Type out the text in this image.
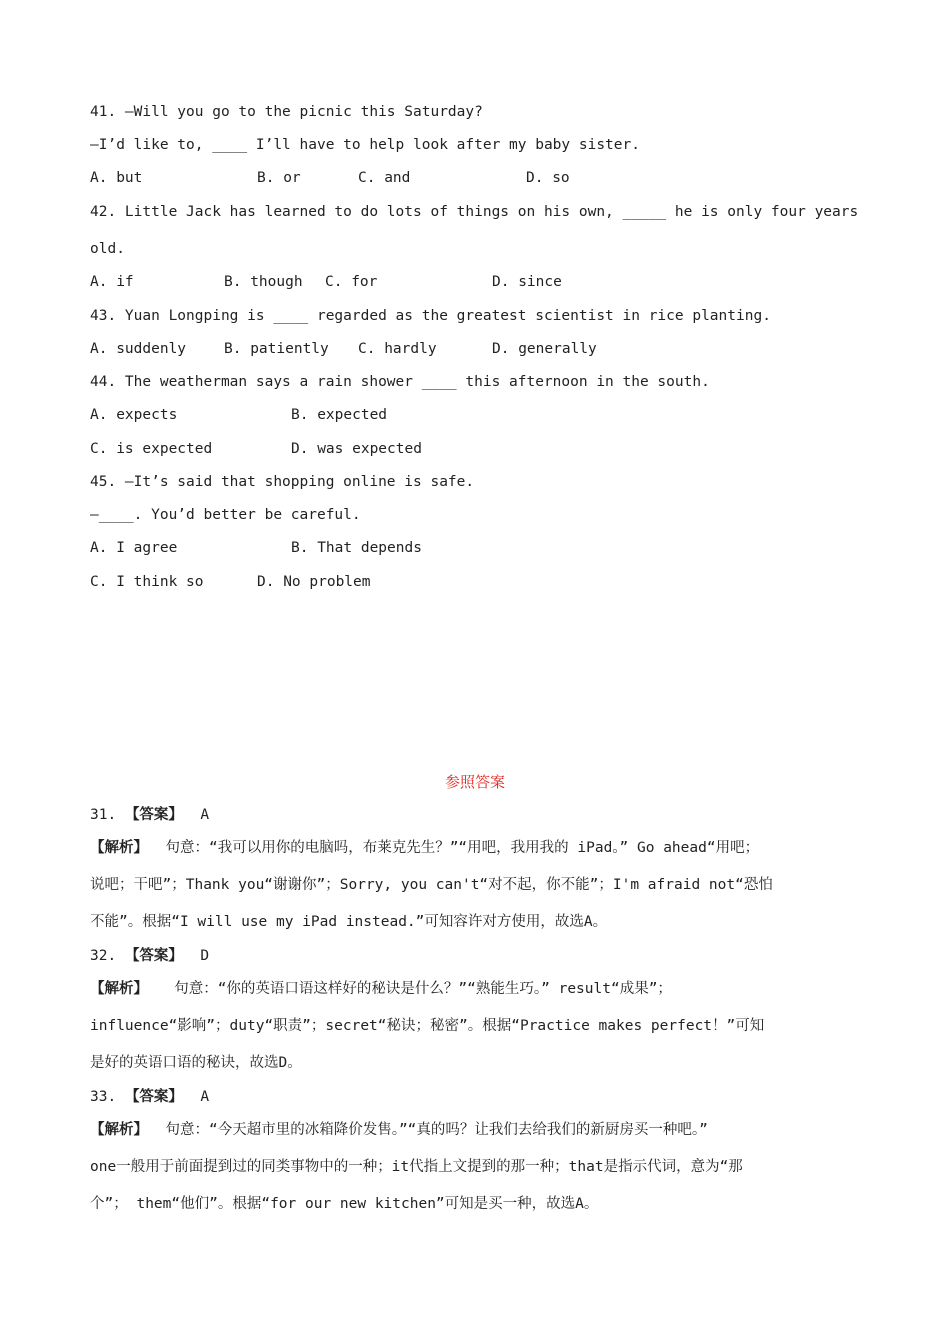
41. —Will you go to the picnic this Saturday?
—I’d like to, ____ I’ll have to help look after my baby sister.
A. but	B. or	C. and	D. so
42. Little Jack has learned to do lots of things on his own, _____ he is only four years
old.
A. if	B. though C. for	D. since
43. Yuan Longping is ____ regarded as the greatest scientist in rice planting.
A. suddenly	B. patiently C. hardly	D. generally
44. The weatherman says a rain shower ____ this afternoon in the south.
A. expects	B. expected
C. is expected	D. was expected
45. —It’s said that shopping online is safe.
—____. You’d better be careful.
A. I agree	B. That depends
C. I think so	D. No problem
参照答案
31. 【答案】 A
【解析】 句意：“我可以用你的电脑吗，布莱克先生？”“用吧，我用我的 iPad。” Go ahead“用吧；
说吧；干吧”；Thank you“谢谢你”；Sorry, you can't“对不起，你不能”；I'm afraid not“恐怕
不能”。根据“I will use my iPad instead.”可知容许对方使用，故选A。
32. 【答案】 D
【解析】 句意：“你的英语口语这样好的秘诀是什么？”“熟能生巧。” result“成果”；
influence“影响”；duty“职责”；secret“秘诀；秘密”。根据“Practice makes perfect！”可知
是好的英语口语的秘诀，故选D。
33. 【答案】 A
【解析】 句意：“今天超市里的冰箱降价发售。”“真的吗？让我们去给我们的新厨房买一种吧。”
one一般用于前面提到过的同类事物中的一种；it代指上文提到的那一种；that是指示代词，意为“那
个”； them“他们”。根据“for our new kitchen”可知是买一种，故选A。
